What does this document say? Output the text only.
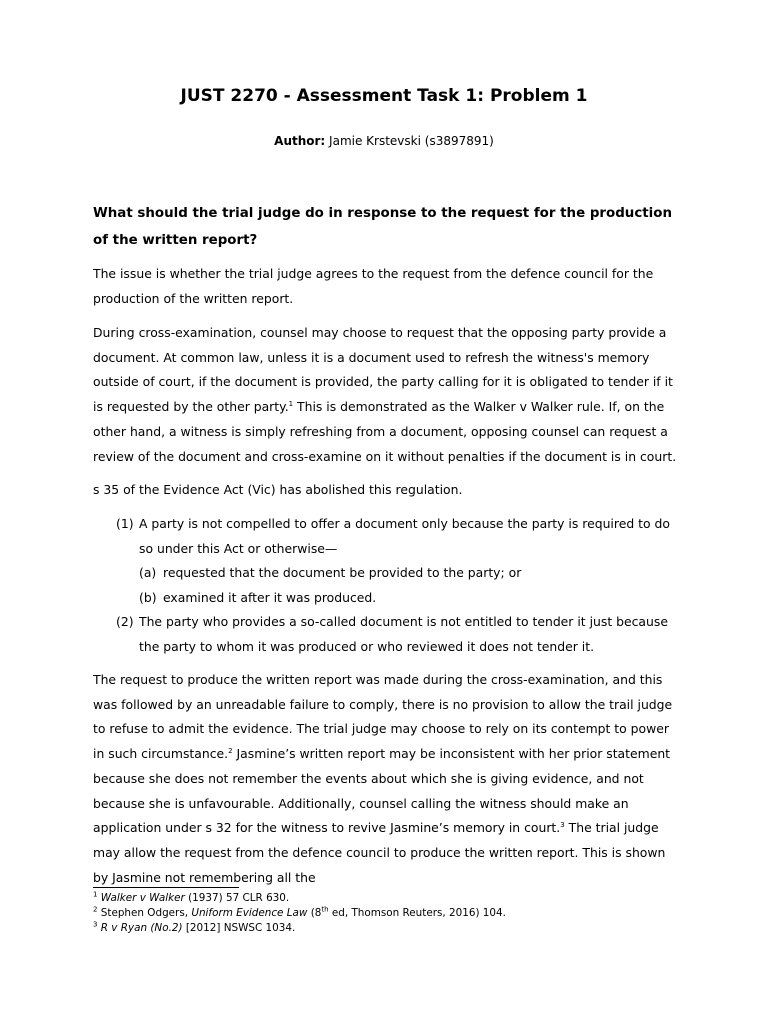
JUST 2270 - Assessment Task 1: Problem 1
Author: Jamie Krstevski (s3897891)
What should the trial judge do in response to the request for the production of the written report?
The issue is whether the trial judge agrees to the request from the defence council for the production of the written report.
During cross-examination, counsel may choose to request that the opposing party provide a document. At common law, unless it is a document used to refresh the witness's memory outside of court, if the document is provided, the party calling for it is obligated to tender if it is requested by the other party.$^1$ This is demonstrated as the Walker v Walker rule. If, on the other hand, a witness is simply refreshing from a document, opposing counsel can request a review of the document and cross-examine on it without penalties if the document is in court.
s 35 of the Evidence Act (Vic) has abolished this regulation.
(1) A party is not compelled to offer a document only because the party is required to do so under this Act or otherwise—
(a) requested that the document be provided to the party; or
(b) examined it after it was produced.
(2) The party who provides a so-called document is not entitled to tender it just because the party to whom it was produced or who reviewed it does not tender it.
The request to produce the written report was made during the cross-examination, and this was followed by an unreadable failure to comply, there is no provision to allow the trail judge to refuse to admit the evidence. The trial judge may choose to rely on its contempt to power in such circumstance.$^2$ Jasmine’s written report may be inconsistent with her prior statement because she does not remember the events about which she is giving evidence, and not because she is unfavourable. Additionally, counsel calling the witness should make an application under s 32 for the witness to revive Jasmine’s memory in court.$^3$ The trial judge may allow the request from the defence council to produce the written report. This is shown by Jasmine not remembering all the
$^1$ Walker v Walker (1937) 57 CLR 630.
$^2$ Stephen Odgers, Uniform Evidence Law (8th ed, Thomson Reuters, 2016) 104.
$^3$ R v Ryan (No.2) [2012] NSWSC 1034.
